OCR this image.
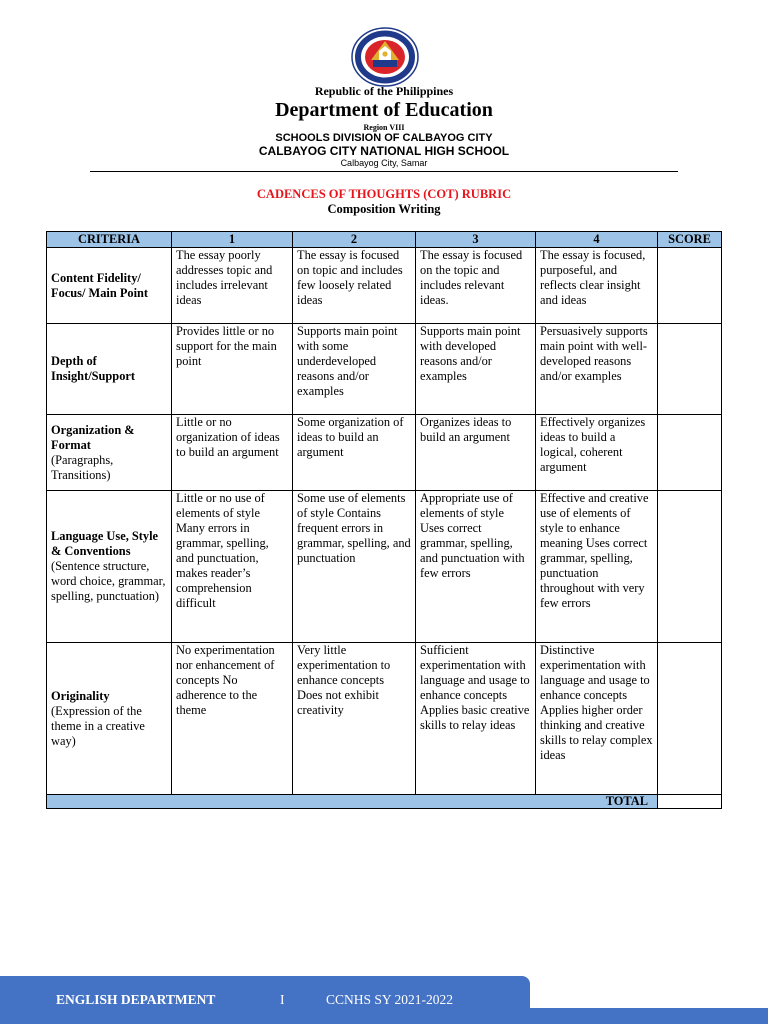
Republic of the Philippines
Department of Education
Region VIII
SCHOOLS DIVISION OF CALBAYOG CITY
CALBAYOG CITY NATIONAL HIGH SCHOOL
Calbayog City, Samar
CADENCES OF THOUGHTS (COT) RUBRIC
Composition Writing
CRITERIA	1	2	3	4	SCORE

Content Fidelity/ Focus/ Main Point	The essay poorly addresses topic and includes irrelevant ideas	The essay is focused on topic and includes few loosely related ideas	The essay is focused on the topic and includes relevant ideas.	The essay is focused, purposeful, and reflects clear insight and ideas	

Depth of Insight/Support	Provides little or no support for the main point	Supports main point with some underdeveloped reasons and/or examples	Supports main point with developed reasons and/or examples	Persuasively supports main point with well-developed reasons and/or examples	

Organization & Format
(Paragraphs, Transitions)	Little or no organization of ideas to build an argument	Some organization of ideas to build an argument	Organizes ideas to build an argument	Effectively organizes ideas to build a logical, coherent argument	

Language Use, Style & Conventions
(Sentence structure, word choice, grammar, spelling, punctuation)	Little or no use of elements of style Many errors in grammar, spelling, and punctuation, makes reader’s comprehension difficult	Some use of elements of style Contains frequent errors in grammar, spelling, and punctuation	Appropriate use of elements of style Uses correct grammar, spelling, and punctuation with few errors	Effective and creative use of elements of style to enhance meaning Uses correct grammar, spelling, punctuation throughout with very few errors	

Originality
(Expression of the theme in a creative way)	No experimentation nor enhancement of concepts No adherence to the theme	Very little experimentation to enhance concepts Does not exhibit creativity	Sufficient experimentation with language and usage to enhance concepts Applies basic creative skills to relay ideas	Distinctive experimentation with language and usage to enhance concepts Applies higher order thinking and creative skills to relay complex ideas	
TOTAL					
ENGLISH DEPARTMENT	I	CCNHS SY 2021-2022
